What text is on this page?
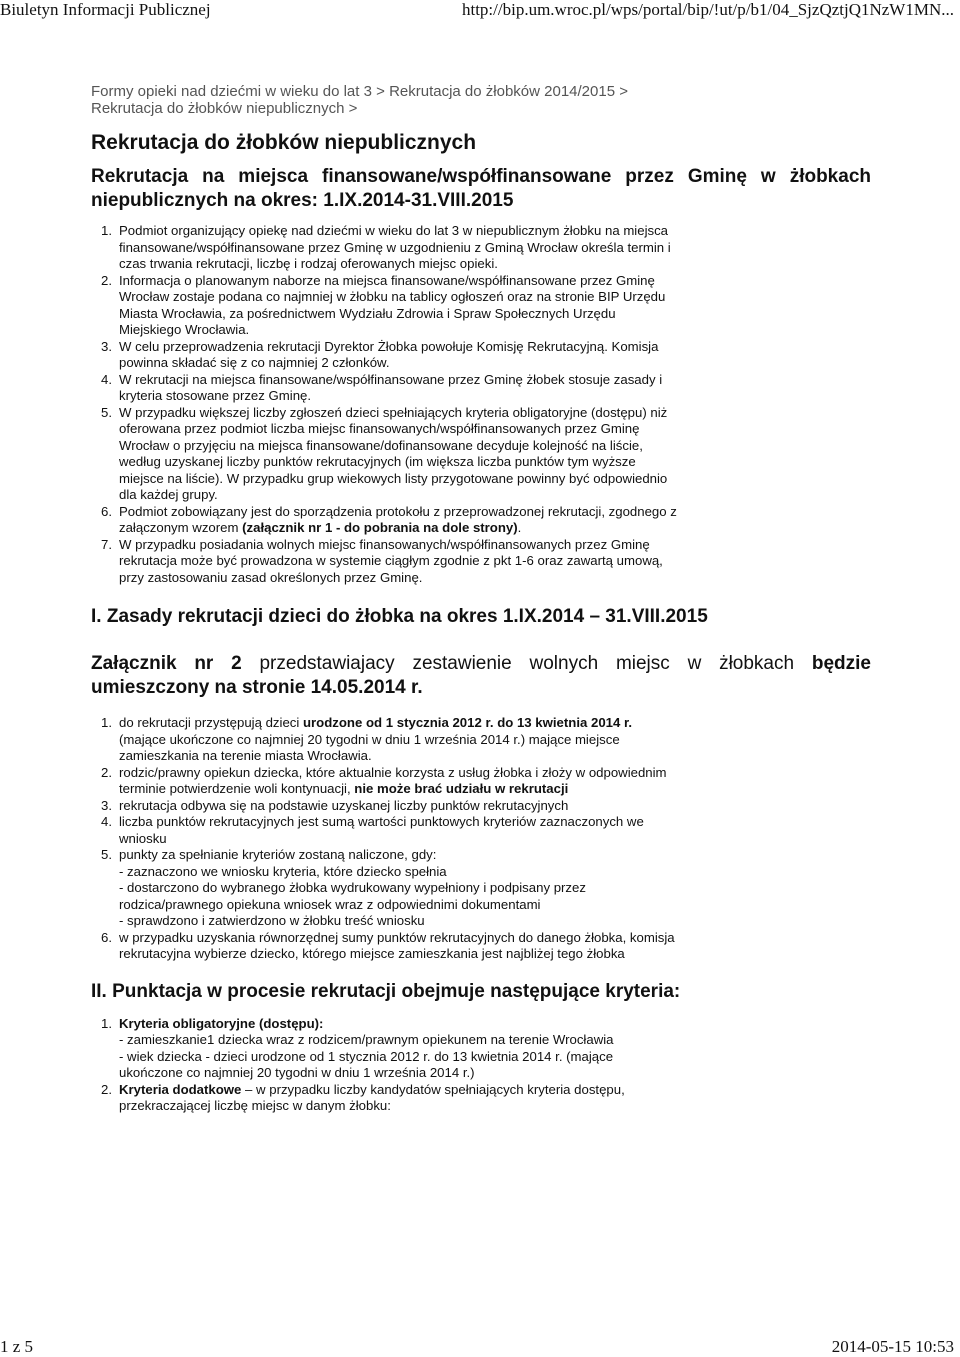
Biuletyn Informacji Publicznej	http://bip.um.wroc.pl/wps/portal/bip/!ut/p/b1/04_SjzQztjQ1NzW1MN...
Formy opieki nad dziećmi w wieku do lat 3 > Rekrutacja do żłobków 2014/2015 >
Rekrutacja do żłobków niepublicznych >
Rekrutacja do żłobków niepublicznych
Rekrutacja na miejsca finansowane/współfinansowane przez Gminę w żłobkach niepublicznych na okres: 1.IX.2014-31.VIII.2015
1. Podmiot organizujący opiekę nad dziećmi w wieku do lat 3 w niepublicznym żłobku na miejsca finansowane/współfinansowane przez Gminę w uzgodnieniu z Gminą Wrocław określa termin i czas trwania rekrutacji, liczbę i rodzaj oferowanych miejsc opieki.
2. Informacja o planowanym naborze na miejsca finansowane/współfinansowane przez Gminę Wrocław zostaje podana co najmniej w żłobku na tablicy ogłoszeń oraz na stronie BIP Urzędu Miasta Wrocławia, za pośrednictwem Wydziału Zdrowia i Spraw Społecznych Urzędu Miejskiego Wrocławia.
3. W celu przeprowadzenia rekrutacji Dyrektor Żłobka powołuje Komisję Rekrutacyjną. Komisja powinna składać się z co najmniej 2 członków.
4. W rekrutacji na miejsca finansowane/współfinansowane przez Gminę żłobek stosuje zasady i kryteria stosowane przez Gminę.
5. W przypadku większej liczby zgłoszeń dzieci spełniających kryteria obligatoryjne (dostępu) niż oferowana przez podmiot liczba miejsc finansowanych/współfinansowanych przez Gminę Wrocław o przyjęciu na miejsca finansowane/dofinansowane decyduje kolejność na liście, według uzyskanej liczby punktów rekrutacyjnych (im większa liczba punktów tym wyższe miejsce na liście). W przypadku grup wiekowych listy przygotowane powinny być odpowiednio dla każdej grupy.
6. Podmiot zobowiązany jest do sporządzenia protokołu z przeprowadzonej rekrutacji, zgodnego z załączonym wzorem (załącznik nr 1 - do pobrania na dole strony).
7. W przypadku posiadania wolnych miejsc finansowanych/współfinansowanych przez Gminę rekrutacja może być prowadzona w systemie ciągłym zgodnie z pkt 1-6 oraz zawartą umową, przy zastosowaniu zasad określonych przez Gminę.
I. Zasady rekrutacji dzieci do żłobka na okres 1.IX.2014 – 31.VIII.2015

Załącznik nr 2 przedstawiajacy zestawienie wolnych miejsc w żłobkach będzie umieszczony na stronie 14.05.2014 r.

1. do rekrutacji przystępują dzieci urodzone od 1 stycznia 2012 r. do 13 kwietnia 2014 r. (mające ukończone co najmniej 20 tygodni w dniu 1 września 2014 r.) mające miejsce zamieszkania na terenie miasta Wrocławia.
2. rodzic/prawny opiekun dziecka, które aktualnie korzysta z usług żłobka i złoży w odpowiednim terminie potwierdzenie woli kontynuacji, nie może brać udziału w rekrutacji
3. rekrutacja odbywa się na podstawie uzyskanej liczby punktów rekrutacyjnych
4. liczba punktów rekrutacyjnych jest sumą wartości punktowych kryteriów zaznaczonych we wniosku
5. punkty za spełnianie kryteriów zostaną naliczone, gdy:
- zaznaczono we wniosku kryteria, które dziecko spełnia
- dostarczono do wybranego żłobka wydrukowany wypełniony i podpisany przez rodzica/prawnego opiekuna wniosek wraz z odpowiednimi dokumentami
- sprawdzono i zatwierdzono w żłobku treść wniosku
6. w przypadku uzyskania równorzędnej sumy punktów rekrutacyjnych do danego żłobka, komisja rekrutacyjna wybierze dziecko, którego miejsce zamieszkania jest najbliżej tego żłobka
II. Punktacja w procesie rekrutacji obejmuje następujące kryteria:
1. Kryteria obligatoryjne (dostępu):
- zamieszkanie1 dziecka wraz z rodzicem/prawnym opiekunem na terenie Wrocławia
- wiek dziecka - dzieci urodzone od 1 stycznia 2012 r. do 13 kwietnia 2014 r. (mające ukończone co najmniej 20 tygodni w dniu 1 września 2014 r.)
2. Kryteria dodatkowe – w przypadku liczby kandydatów spełniających kryteria dostępu, przekraczającej liczbę miejsc w danym żłobku:
1 z 5	2014-05-15 10:53
